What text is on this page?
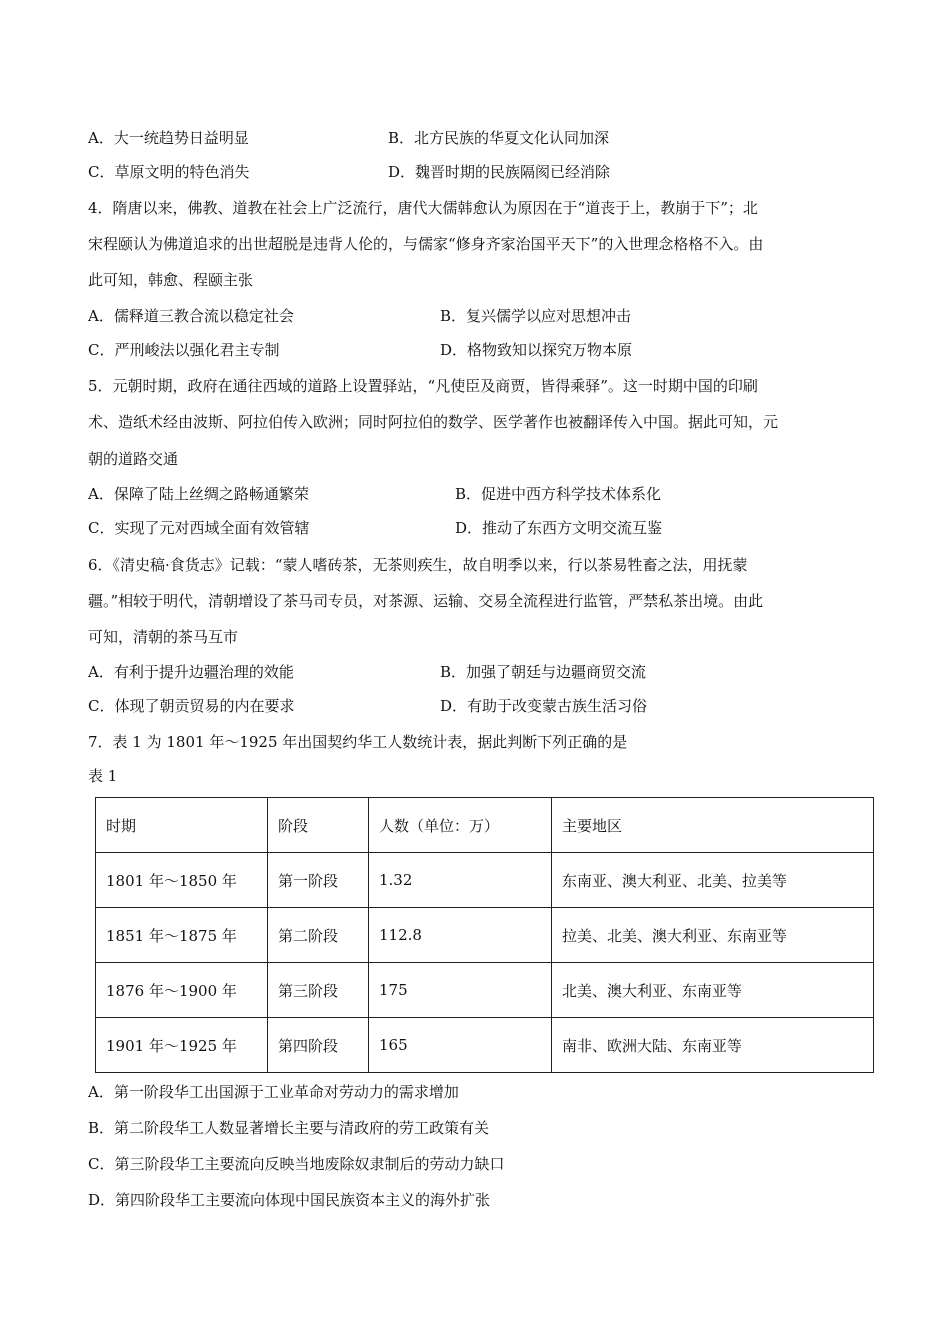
A．大一统趋势日益明显	B．北方民族的华夏文化认同加深
C．草原文明的特色消失	D．魏晋时期的民族隔阂已经消除
4．隋唐以来，佛教、道教在社会上广泛流行，唐代大儒韩愈认为原因在于“道丧于上，教崩于下”；北
宋程颐认为佛道追求的出世超脱是违背人伦的，与儒家“修身齐家治国平天下”的入世理念格格不入。由
此可知，韩愈、程颐主张
A．儒释道三教合流以稳定社会	B．复兴儒学以应对思想冲击
C．严刑峻法以强化君主专制	D．格物致知以探究万物本原
5．元朝时期，政府在通往西域的道路上设置驿站，“凡使臣及商贾，皆得乘驿”。这一时期中国的印刷
术、造纸术经由波斯、阿拉伯传入欧洲；同时阿拉伯的数学、医学著作也被翻译传入中国。据此可知，元
朝的道路交通
A．保障了陆上丝绸之路畅通繁荣	B．促进中西方科学技术体系化
C．实现了元对西域全面有效管辖	D．推动了东西方文明交流互鉴
6．《清史稿·食货志》记载：“蒙人嗜砖茶，无茶则疾生，故自明季以来，行以茶易牲畜之法，用抚蒙
疆。”相较于明代，清朝增设了茶马司专员，对茶源、运输、交易全流程进行监管，严禁私茶出境。由此
可知，清朝的茶马互市
A．有利于提升边疆治理的效能	B．加强了朝廷与边疆商贸交流
C．体现了朝贡贸易的内在要求	D．有助于改变蒙古族生活习俗
7．表 1 为 1801 年～1925 年出国契约华工人数统计表，据此判断下列正确的是
表 1
时期	阶段	人数（单位：万）	主要地区
1801 年～1850 年	第一阶段	1.32	东南亚、澳大利亚、北美、拉美等
1851 年～1875 年	第二阶段	112.8	拉美、北美、澳大利亚、东南亚等
1876 年～1900 年	第三阶段	175	北美、澳大利亚、东南亚等
1901 年～1925 年	第四阶段	165	南非、欧洲大陆、东南亚等
A．第一阶段华工出国源于工业革命对劳动力的需求增加
B．第二阶段华工人数显著增长主要与清政府的劳工政策有关
C．第三阶段华工主要流向反映当地废除奴隶制后的劳动力缺口
D．第四阶段华工主要流向体现中国民族资本主义的海外扩张
